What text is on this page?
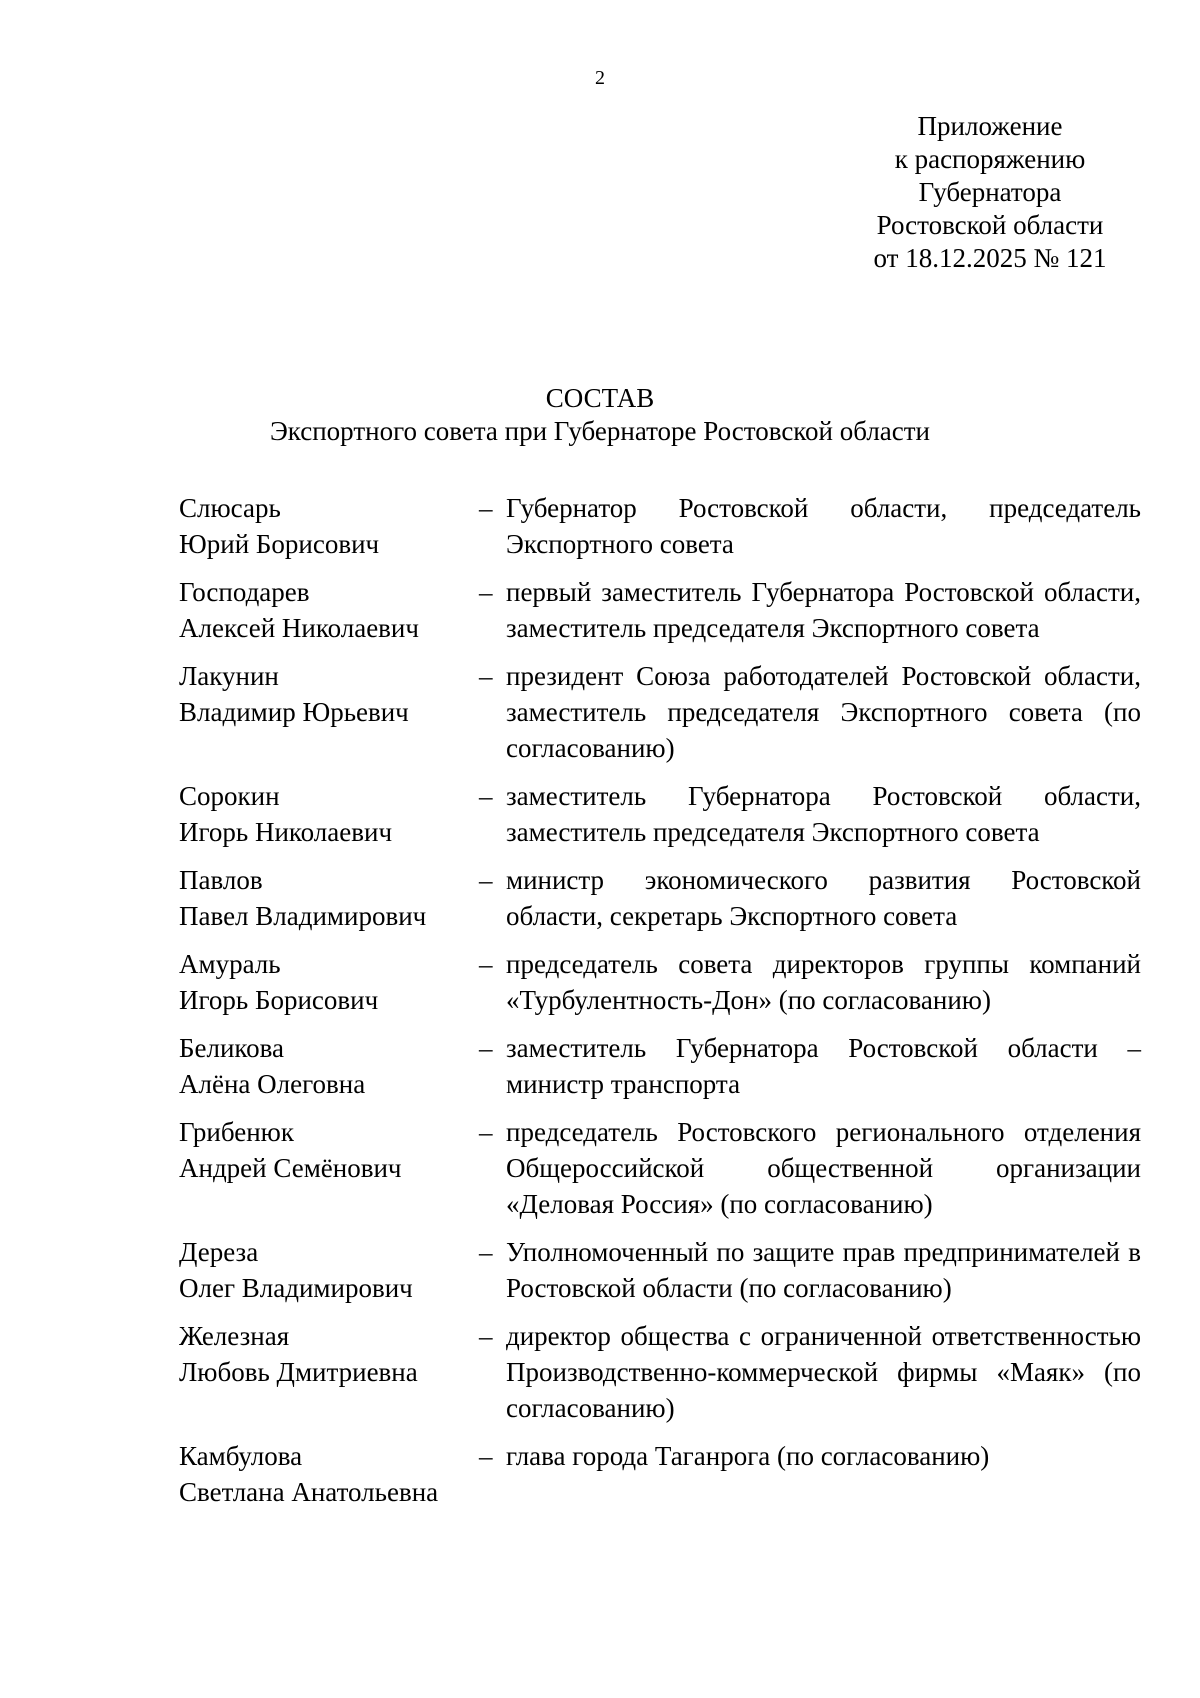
2
Приложение
к распоряжению
Губернатора
Ростовской области
от 18.12.2025 № 121
СОСТАВ
Экспортного совета при Губернаторе Ростовской области
Слюсарь
Юрий Борисович
– Губернатор Ростовской области, председатель Экспортного совета
Господарев
Алексей Николаевич
– первый заместитель Губернатора Ростовской области, заместитель председателя Экспортного совета
Лакунин
Владимир Юрьевич
– президент Союза работодателей Ростовской области, заместитель председателя Экспортного совета (по согласованию)
Сорокин
Игорь Николаевич
– заместитель Губернатора Ростовской области, заместитель председателя Экспортного совета
Павлов
Павел Владимирович
– министр экономического развития Ростовской области, секретарь Экспортного совета
Амураль
Игорь Борисович
– председатель совета директоров группы компаний «Турбулентность-Дон» (по согласованию)
Беликова
Алёна Олеговна
– заместитель Губернатора Ростовской области – министр транспорта
Грибенюк
Андрей Семёнович
– председатель Ростовского регионального отделения Общероссийской общественной организации «Деловая Россия» (по согласованию)
Дереза
Олег Владимирович
– Уполномоченный по защите прав предпринимателей в Ростовской области (по согласованию)
Железная
Любовь Дмитриевна
– директор общества с ограниченной ответственностью Производственно-коммерческой фирмы «Маяк» (по согласованию)
Камбулова
Светлана Анатольевна
– глава города Таганрога (по согласованию)
